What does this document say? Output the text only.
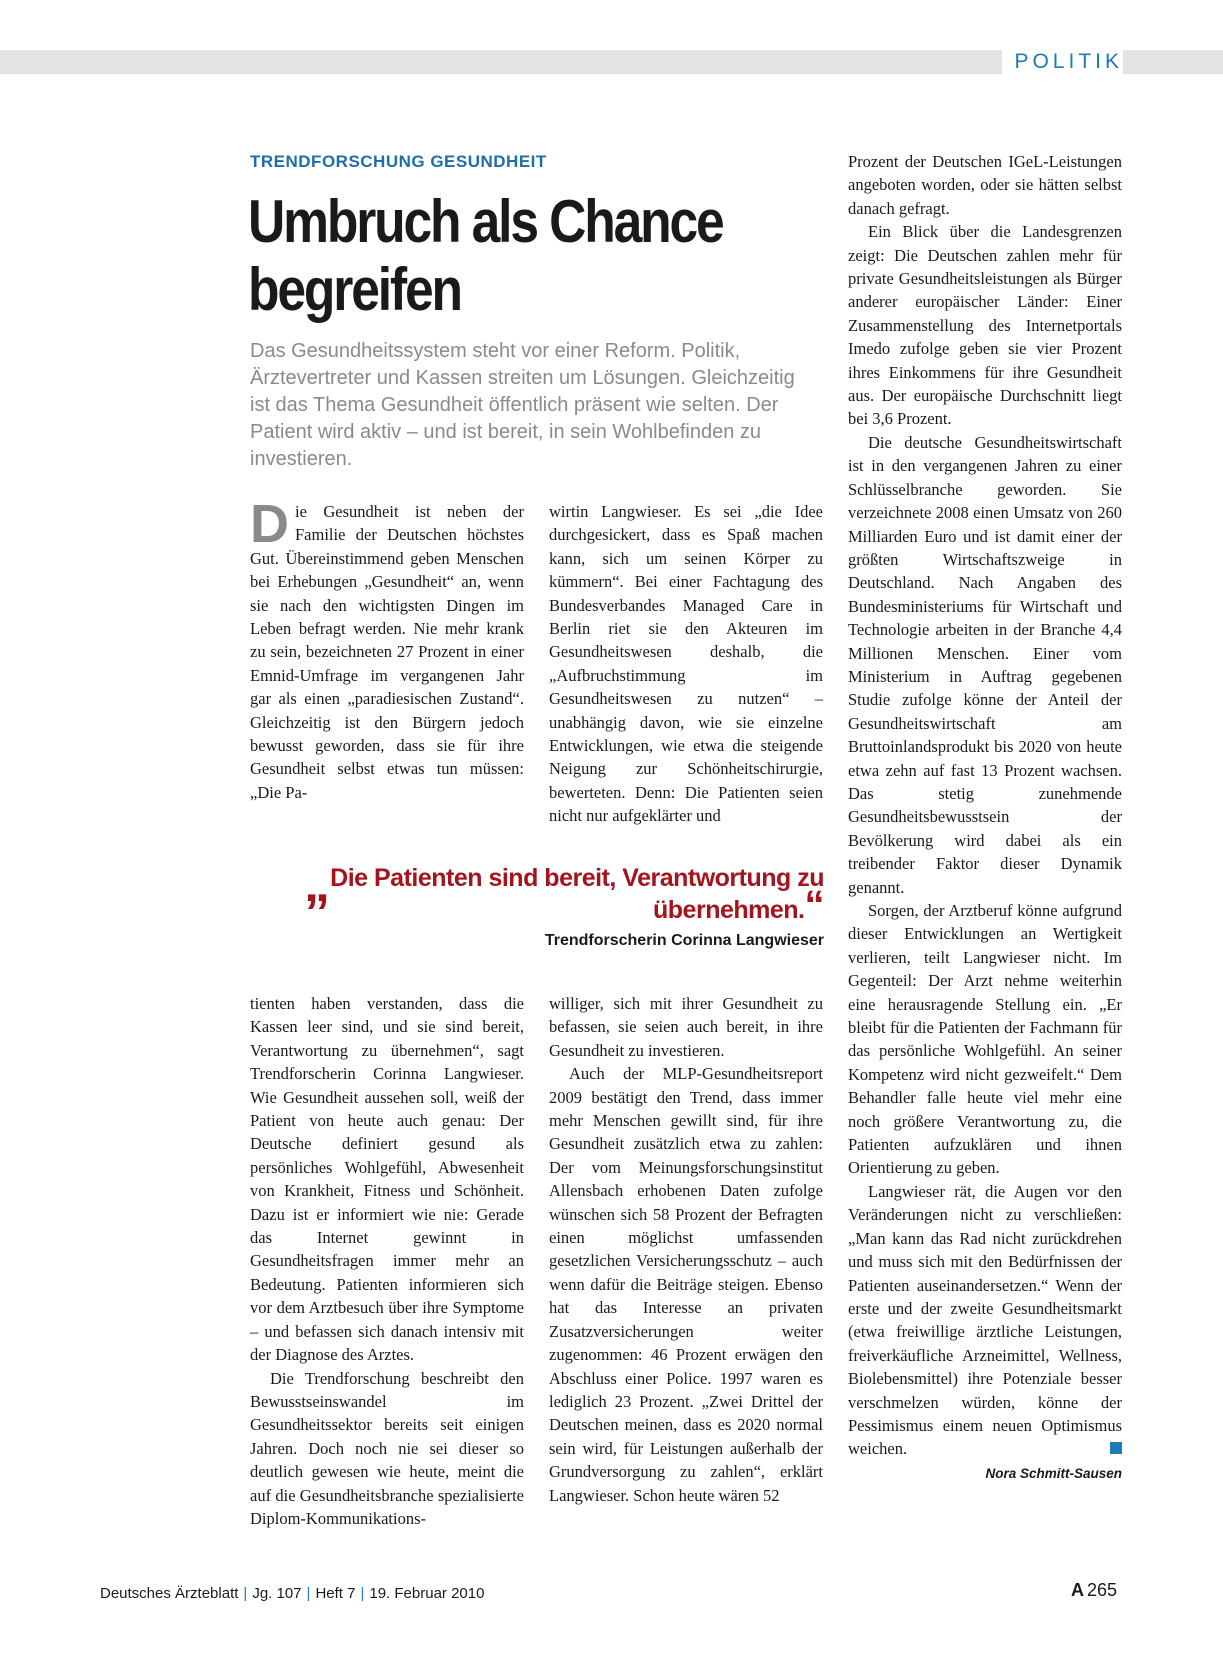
POLITIK
TRENDFORSCHUNG GESUNDHEIT
Umbruch als Chance begreifen
Das Gesundheitssystem steht vor einer Reform. Politik, Ärztevertreter und Kassen streiten um Lösungen. Gleichzeitig ist das Thema Gesundheit öffentlich präsent wie selten. Der Patient wird aktiv – und ist bereit, in sein Wohlbefinden zu investieren.
D ie Gesundheit ist neben der Familie der Deutschen höchstes Gut. Übereinstimmend geben Menschen bei Erhebungen „Gesundheit“ an, wenn sie nach den wichtigsten Dingen im Leben befragt werden. Nie mehr krank zu sein, bezeichneten 27 Prozent in einer Emnid-Umfrage im vergangenen Jahr gar als einen „paradiesischen Zustand“. Gleichzeitig ist den Bürgern jedoch bewusst geworden, dass sie für ihre Gesundheit selbst etwas tun müssen: „Die Pa-

wirtin Langwieser. Es sei „die Idee durchgesickert, dass es Spaß machen kann, sich um seinen Körper zu kümmern“. Bei einer Fachtagung des Bundesverbandes Managed Care in Berlin riet sie den Akteuren im Gesundheitswesen deshalb, die „Aufbruchstimmung im Gesundheitswesen zu nutzen“ – unabhängig davon, wie sie einzelne Entwicklungen, wie etwa die steigende Neigung zur Schönheitschirurgie, bewerteten. Denn: Die Patienten seien nicht nur aufgeklärter und

„ Die Patienten sind bereit, Verantwortung zu übernehmen.“
Trendforscherin Corinna Langwieser

tienten haben verstanden, dass die Kassen leer sind, und sie sind bereit, Verantwortung zu übernehmen“, sagt Trendforscherin Corinna Langwieser. Wie Gesundheit aussehen soll, weiß der Patient von heute auch genau: Der Deutsche definiert gesund als persönliches Wohlgefühl, Abwesenheit von Krankheit, Fitness und Schönheit. Dazu ist er informiert wie nie: Gerade das Internet gewinnt in Gesundheitsfragen immer mehr an Bedeutung. Patienten informieren sich vor dem Arztbesuch über ihre Symptome – und befassen sich danach intensiv mit der Diagnose des Arztes.

Die Trendforschung beschreibt den Bewusstseinswandel im Gesundheitssektor bereits seit einigen Jahren. Doch noch nie sei dieser so deutlich gewesen wie heute, meint die auf die Gesundheitsbranche spezialisierte Diplom-Kommunikations-

williger, sich mit ihrer Gesundheit zu befassen, sie seien auch bereit, in ihre Gesundheit zu investieren.

Auch der MLP-Gesundheitsreport 2009 bestätigt den Trend, dass immer mehr Menschen gewillt sind, für ihre Gesundheit zusätzlich etwa zu zahlen: Der vom Meinungsforschungsinstitut Allensbach erhobenen Daten zufolge wünschen sich 58 Prozent der Befragten einen möglichst umfassenden gesetzlichen Versicherungsschutz – auch wenn dafür die Beiträge steigen. Ebenso hat das Interesse an privaten Zusatzversicherungen weiter zugenommen: 46 Prozent erwägen den Abschluss einer Police. 1997 waren es lediglich 23 Prozent. „Zwei Drittel der Deutschen meinen, dass es 2020 normal sein wird, für Leistungen außerhalb der Grundversorgung zu zahlen“, erklärt Langwieser. Schon heute wären 52

Prozent der Deutschen IGeL-Leistungen angeboten worden, oder sie hätten selbst danach gefragt.

Ein Blick über die Landesgrenzen zeigt: Die Deutschen zahlen mehr für private Gesundheitsleistungen als Bürger anderer europäischer Länder: Einer Zusammenstellung des Internetportals Imedo zufolge geben sie vier Prozent ihres Einkommens für ihre Gesundheit aus. Der europäische Durchschnitt liegt bei 3,6 Prozent.

Die deutsche Gesundheitswirtschaft ist in den vergangenen Jahren zu einer Schlüsselbranche geworden. Sie verzeichnete 2008 einen Umsatz von 260 Milliarden Euro und ist damit einer der größten Wirtschaftszweige in Deutschland. Nach Angaben des Bundesministeriums für Wirtschaft und Technologie arbeiten in der Branche 4,4 Millionen Menschen. Einer vom Ministerium in Auftrag gegebenen Studie zufolge könne der Anteil der Gesundheitswirtschaft am Bruttoinlandsprodukt bis 2020 von heute etwa zehn auf fast 13 Prozent wachsen. Das stetig zunehmende Gesundheitsbewusstsein der Bevölkerung wird dabei als ein treibender Faktor dieser Dynamik genannt.

Sorgen, der Arztberuf könne aufgrund dieser Entwicklungen an Wertigkeit verlieren, teilt Langwieser nicht. Im Gegenteil: Der Arzt nehme weiterhin eine herausragende Stellung ein. „Er bleibt für die Patienten der Fachmann für das persönliche Wohlgefühl. An seiner Kompetenz wird nicht gezweifelt.“ Dem Behandler falle heute viel mehr eine noch größere Verantwortung zu, die Patienten aufzuklären und ihnen Orientierung zu geben.

Langwieser rät, die Augen vor den Veränderungen nicht zu verschließen: „Man kann das Rad nicht zurückdrehen und muss sich mit den Bedürfnissen der Patienten auseinandersetzen.“ Wenn der erste und der zweite Gesundheitsmarkt (etwa freiwillige ärztliche Leistungen, freiverkäufliche Arzneimittel, Wellness, Biolebensmittel) ihre Potenziale besser verschmelzen würden, könne der Pessimismus einem neuen Optimismus weichen.

Nora Schmitt-Sausen
Deutsches Ärzteblatt | Jg. 107 | Heft 7 | 19. Februar 2010	A 265
